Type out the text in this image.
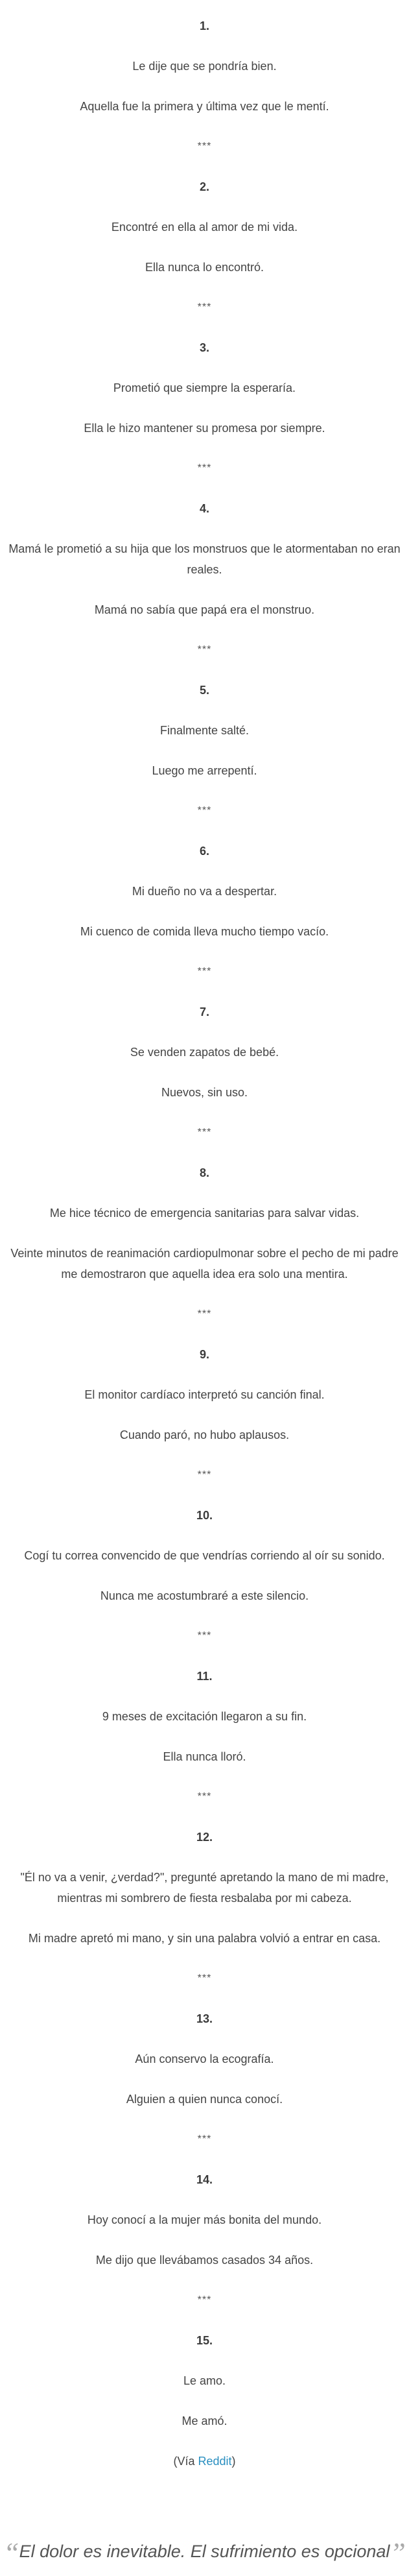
1.

Le dije que se pondría bien.

Aquella fue la primera y última vez que le mentí.

***

2.

Encontré en ella al amor de mi vida.

Ella nunca lo encontró.

***

3.

Prometió que siempre la esperaría.

Ella le hizo mantener su promesa por siempre.

***

4.

Mamá le prometió a su hija que los monstruos que le atormentaban no eran reales.

Mamá no sabía que papá era el monstruo.

***

5.

Finalmente salté.

Luego me arrepentí.

***

6.

Mi dueño no va a despertar.

Mi cuenco de comida lleva mucho tiempo vacío.

***

7.

Se venden zapatos de bebé.

Nuevos, sin uso.

***

8.

Me hice técnico de emergencia sanitarias para salvar vidas.

Veinte minutos de reanimación cardiopulmonar sobre el pecho de mi padre me demostraron que aquella idea era solo una mentira.

***

9.

El monitor cardíaco interpretó su canción final.

Cuando paró, no hubo aplausos.

***

10.

Cogí tu correa convencido de que vendrías corriendo al oír su sonido.

Nunca me acostumbraré a este silencio.

***

11.

9 meses de excitación llegaron a su fin.

Ella nunca lloró.

***

12.

"Él no va a venir, ¿verdad?", pregunté apretando la mano de mi madre, mientras mi sombrero de fiesta resbalaba por mi cabeza.

Mi madre apretó mi mano, y sin una palabra volvió a entrar en casa.

***

13.

Aún conservo la ecografía.

Alguien a quien nunca conocí.

***

14.

Hoy conocí a la mujer más bonita del mundo.

Me dijo que llevábamos casados 34 años.

***

15.

Le amo.

Me amó.

(Vía Reddit)

“El dolor es inevitable. El sufrimiento es opcional”
